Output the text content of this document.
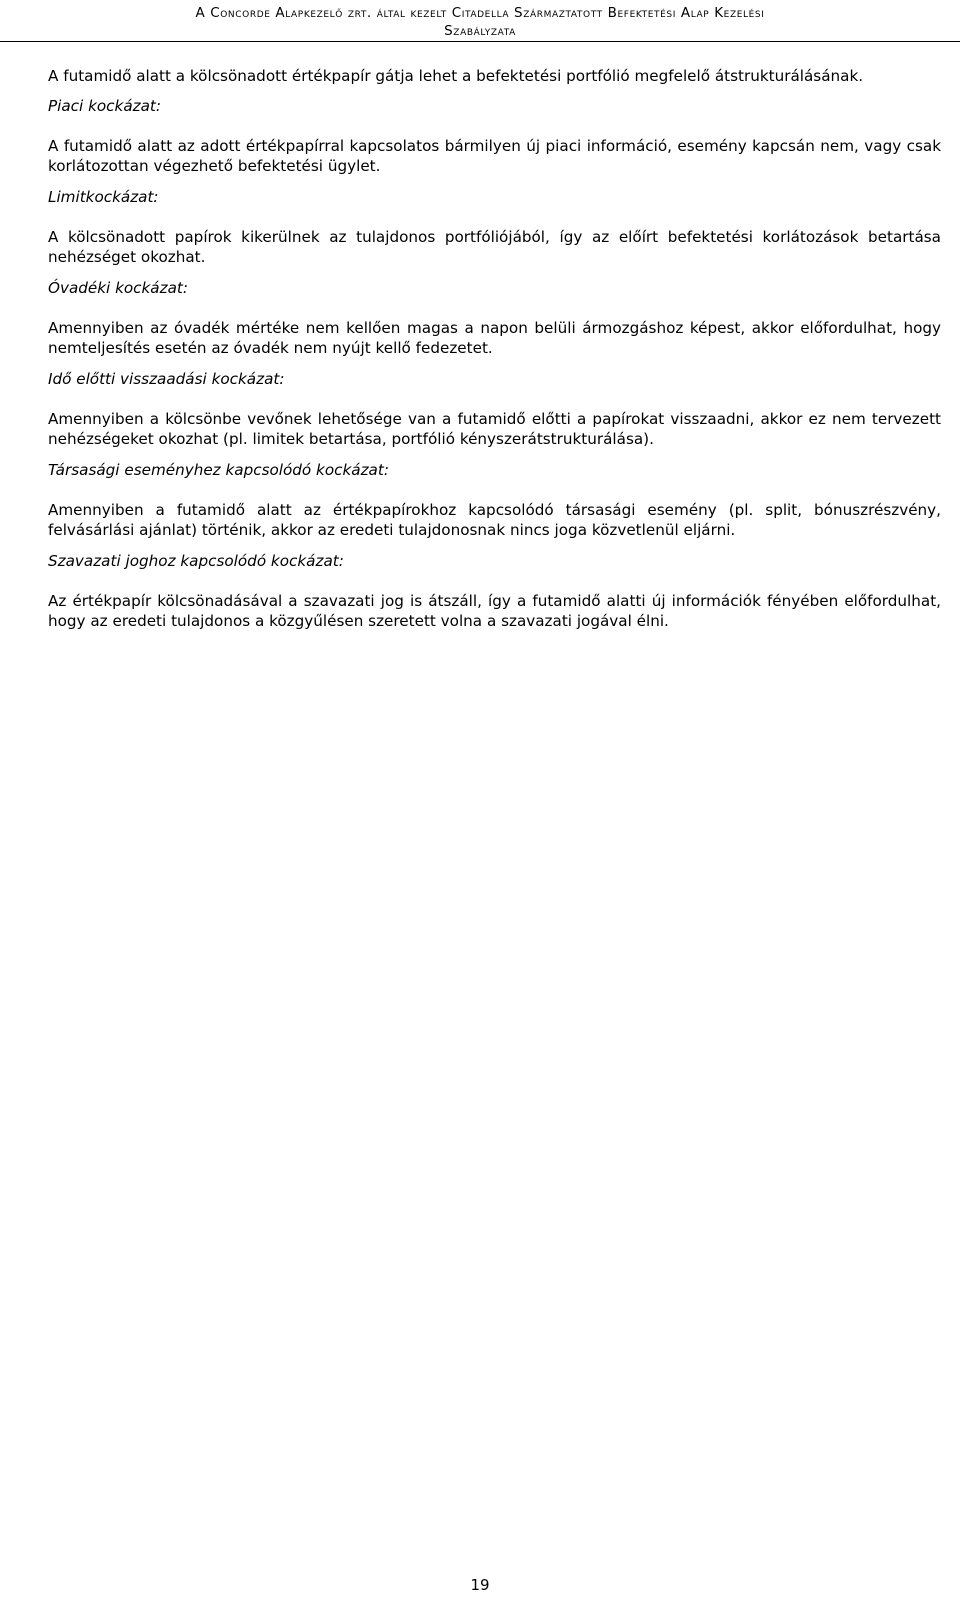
A Concorde Alapkezelő zrt. által kezelt Citadella Származtatott Befektetési Alap Kezelési
Szabályzata

A futamidő alatt a kölcsönadott értékpapír gátja lehet a befektetési portfólió megfelelő átstrukturálásának.

Piaci kockázat:

A futamidő alatt az adott értékpapírral kapcsolatos bármilyen új piaci információ, esemény kapcsán nem, vagy csak korlátozottan végezhető befektetési ügylet.

Limitkockázat:

A kölcsönadott papírok kikerülnek az tulajdonos portfóliójából, így az előírt befektetési korlátozások betartása nehézséget okozhat.

Óvadéki kockázat:

Amennyiben az óvadék mértéke nem kellően magas a napon belüli ármozgáshoz képest, akkor előfordulhat, hogy nemteljesítés esetén az óvadék nem nyújt kellő fedezetet.

Idő előtti visszaadási kockázat:

Amennyiben a kölcsönbe vevőnek lehetősége van a futamidő előtti a papírokat visszaadni, akkor ez nem tervezett nehézségeket okozhat (pl. limitek betartása, portfólió kényszerátstrukturálása).

Társasági eseményhez kapcsolódó kockázat:

Amennyiben a futamidő alatt az értékpapírokhoz kapcsolódó társasági esemény (pl. split, bónuszrészvény, felvásárlási ajánlat) történik, akkor az eredeti tulajdonosnak nincs joga közvetlenül eljárni.

Szavazati joghoz kapcsolódó kockázat:

Az értékpapír kölcsönadásával a szavazati jog is átszáll, így a futamidő alatti új információk fényében előfordulhat, hogy az eredeti tulajdonos a közgyűlésen szeretett volna a szavazati jogával élni.

19
